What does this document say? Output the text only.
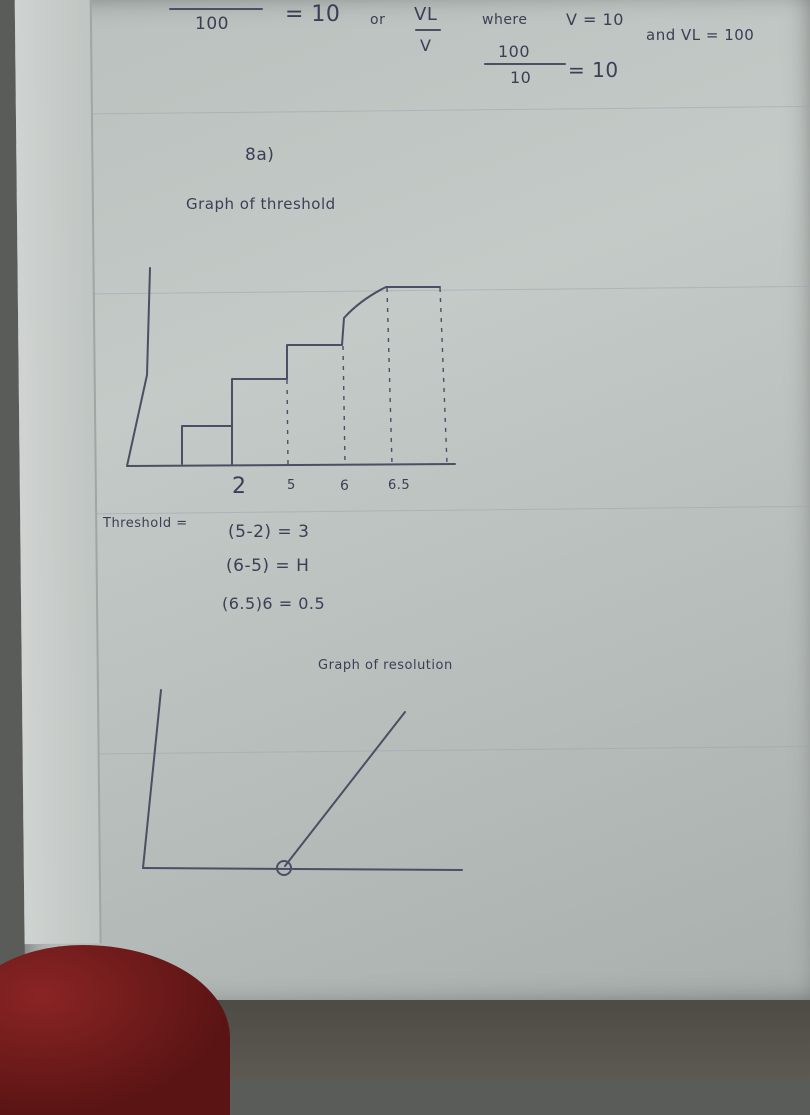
100	= 10 or VL
V
where V = 10
and VL = 100
100
10 = 10
8a)
Graph of threshold
2	5	6	6.5
Threshold = (5-2) = 3
(6-5) = H
(6.5)6 = 0.5
Graph of resolution
